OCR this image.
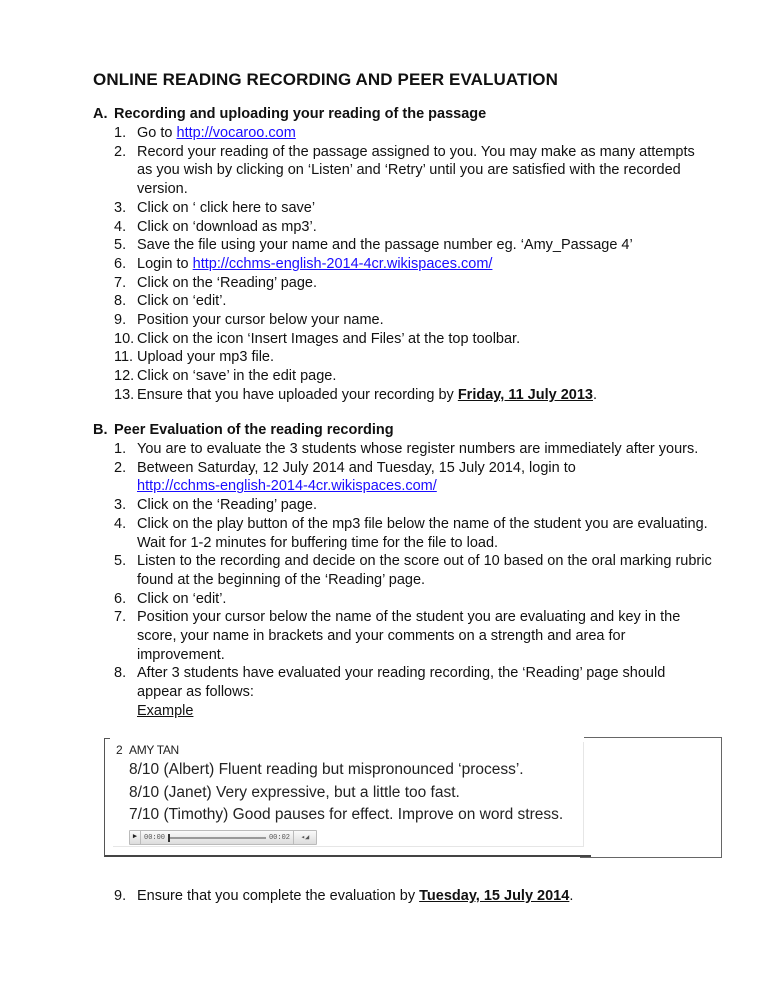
ONLINE READING RECORDING AND PEER EVALUATION
A. Recording and uploading your reading of the passage
1. Go to http://vocaroo.com
2. Record your reading of the passage assigned to you. You may make as many attempts as you wish by clicking on ‘Listen’ and ‘Retry’ until you are satisfied with the recorded version.
3. Click on ‘ click here to save’
4. Click on ‘download as mp3’.
5. Save the file using your name and the passage number eg. ‘Amy_Passage 4’
6. Login to http://cchms-english-2014-4cr.wikispaces.com/
7. Click on the ‘Reading’ page.
8. Click on ‘edit’.
9. Position your cursor below your name.
10. Click on the icon ‘Insert Images and Files’ at the top toolbar.
11. Upload your mp3 file.
12. Click on ‘save’ in the edit page.
13. Ensure that you have uploaded your recording by Friday, 11 July 2013.
B. Peer Evaluation of the reading recording
1. You are to evaluate the 3 students whose register numbers are immediately after yours.
2. Between Saturday, 12 July 2014 and Tuesday, 15 July 2014, login to
http://cchms-english-2014-4cr.wikispaces.com/
3. Click on the ‘Reading’ page.
4. Click on the play button of the mp3 file below the name of the student you are evaluating. Wait for 1-2 minutes for buffering time for the file to load.
5. Listen to the recording and decide on the score out of 10 based on the oral marking rubric found at the beginning of the ‘Reading’ page.
6. Click on ‘edit’.
7. Position your cursor below the name of the student you are evaluating and key in the score, your name in brackets and your comments on a strength and area for improvement.
8. After 3 students have evaluated your reading recording, the ‘Reading’ page should appear as follows:
Example
2 AMY TAN
8/10 (Albert) Fluent reading but mispronounced ‘process’.
8/10 (Janet) Very expressive, but a little too fast.
7/10 (Timothy) Good pauses for effect. Improve on word stress.
▶ 00:00	00:02	◂◢
9. Ensure that you complete the evaluation by Tuesday, 15 July 2014.
